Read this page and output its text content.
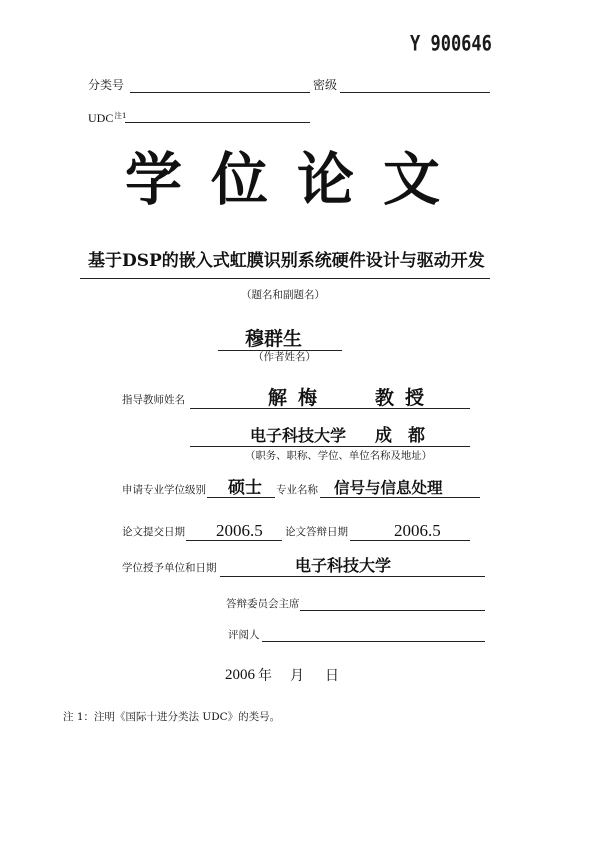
Y 900646
分类号	密级
UDC$^{注1}$
学位论文
基于DSP的嵌入式虹膜识别系统硬件设计与驱动开发
（题名和副题名）
穆群生
（作者姓名）
指导教师姓名	解梅 教授
电子科技大学 成都
（职务、职称、学位、单位名称及地址）
申请专业学位级别 硕士 专业名称 信号与信息处理
论文提交日期 2006.5 论文答辩日期	2006.5
学位授予单位和日期	电子科技大学
答辩委员会主席
评阅人
2006 年 月 日
注 1：注明《国际十进分类法 UDC》的类号。
